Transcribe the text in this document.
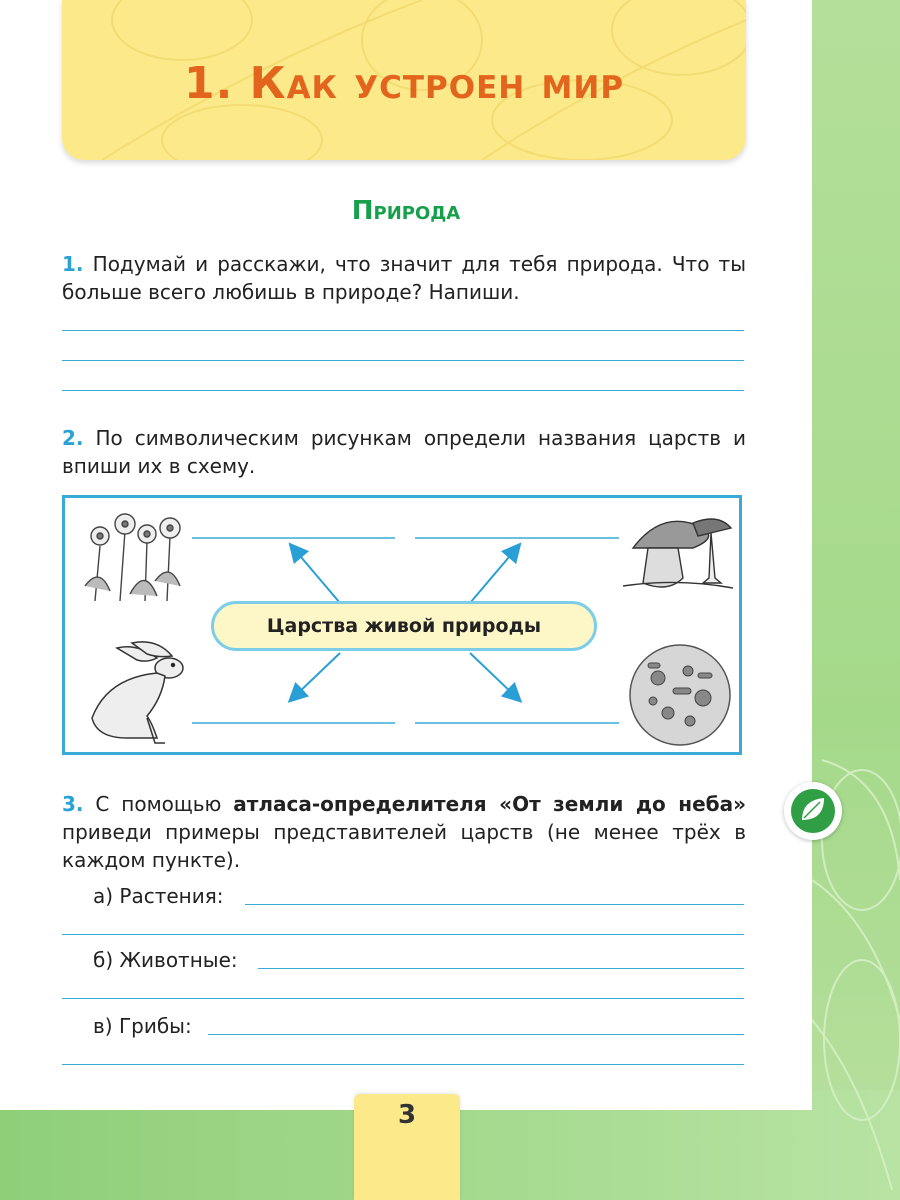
1. Как устроен мир
Природа
1. Подумай и расскажи, что значит для тебя природа. Что ты больше всего любишь в природе? Напиши.
2. По символическим рисункам определи названия царств и впиши их в схему.
Царства живой природы
3. С помощью атласа-определителя «От земли до неба» приведи примеры представителей царств (не менее трёх в каждом пункте).
а) Растения:
б) Животные:
в) Грибы:
3
